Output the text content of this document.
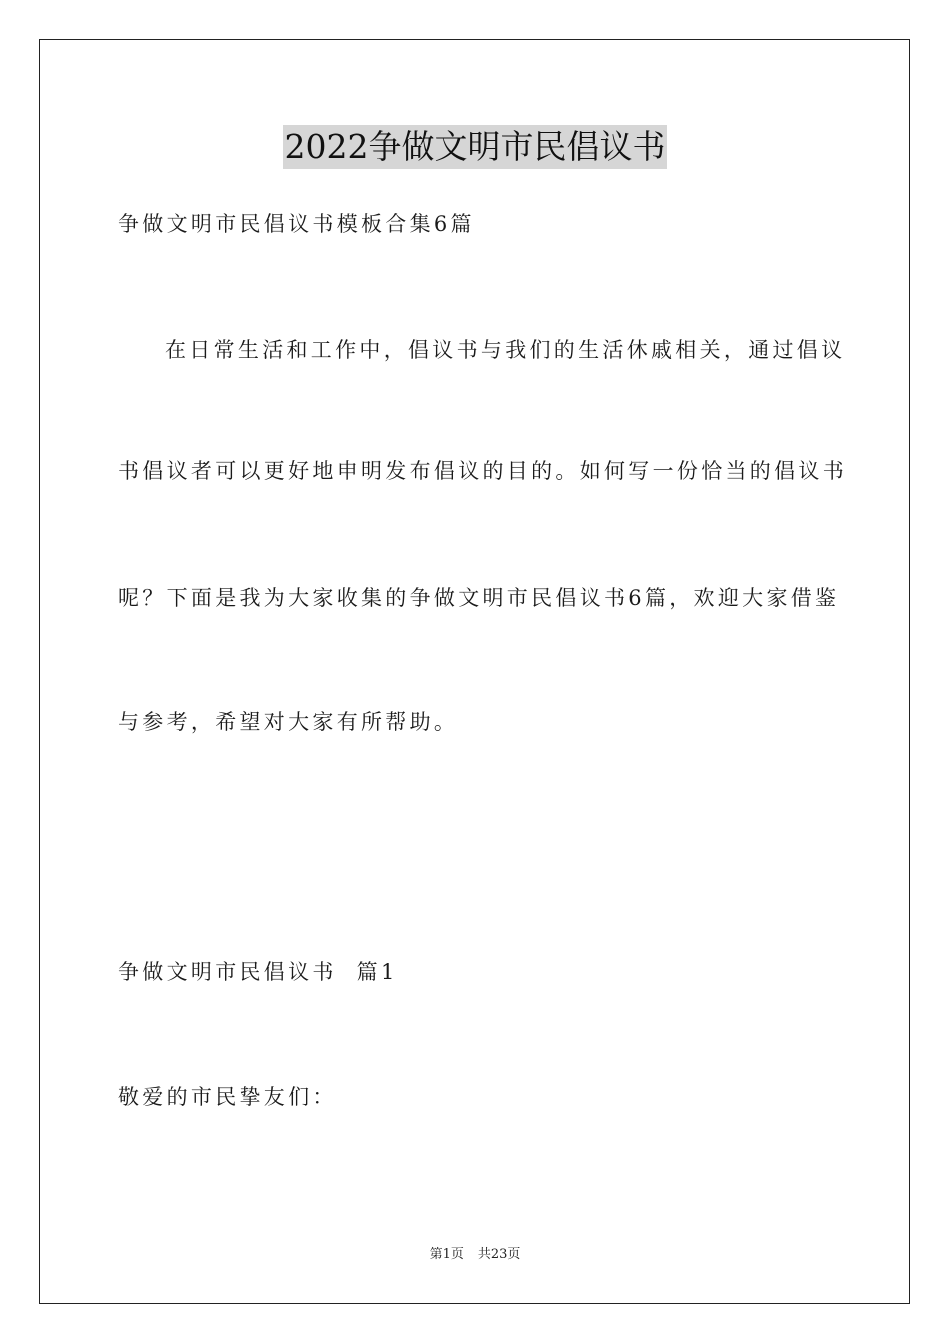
2022争做文明市民倡议书
争做文明市民倡议书模板合集6篇
在日常生活和工作中，倡议书与我们的生活休戚相关，通过倡议
书倡议者可以更好地申明发布倡议的目的。如何写一份恰当的倡议书
呢？下面是我为大家收集的争做文明市民倡议书6篇，欢迎大家借鉴
与参考，希望对大家有所帮助。
争做文明市民倡议书  篇1
敬爱的市民挚友们：
第1页 共23页
